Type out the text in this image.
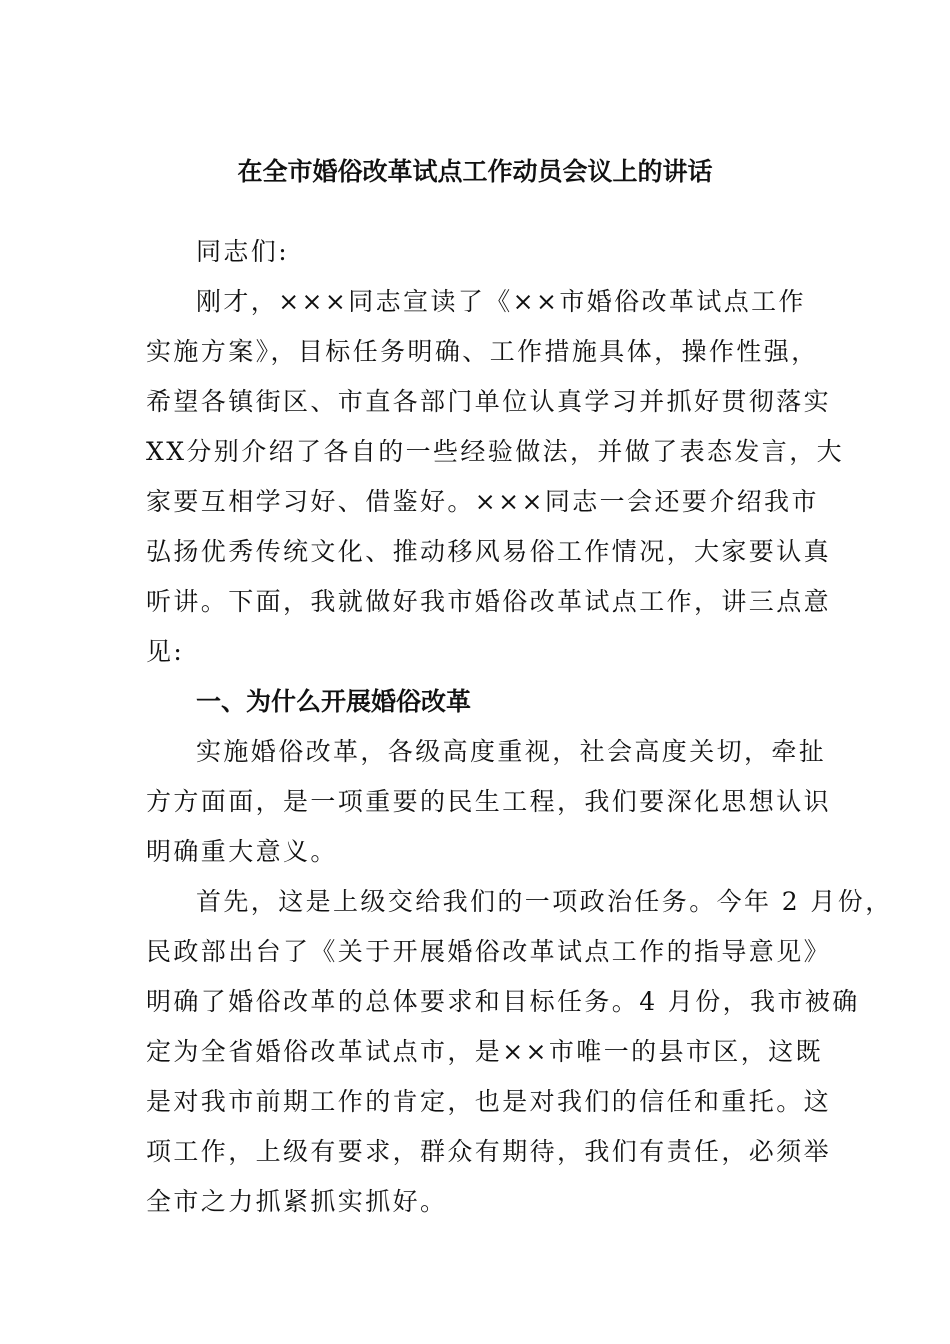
在全市婚俗改革试点工作动员会议上的讲话

同志们:

刚才，×××同志宣读了《××市婚俗改革试点工作

实施方案》，目标任务明确、工作措施具体，操作性强，

希望各镇街区、市直各部门单位认真学习并抓好贯彻落实

XX分别介绍了各自的一些经验做法，并做了表态发言，大

家要互相学习好、借鉴好。×××同志一会还要介绍我市

弘扬优秀传统文化、推动移风易俗工作情况，大家要认真

听讲。下面，我就做好我市婚俗改革试点工作，讲三点意

见:

一、为什么开展婚俗改革

实施婚俗改革，各级高度重视，社会高度关切，牵扯

方方面面，是一项重要的民生工程，我们要深化思想认识

明确重大意义。

首先，这是上级交给我们的一项政治任务。今年 2 月份，

民政部出台了《关于开展婚俗改革试点工作的指导意见》

明确了婚俗改革的总体要求和目标任务。4 月份，我市被确

定为全省婚俗改革试点市，是××市唯一的县市区，这既

是对我市前期工作的肯定，也是对我们的信任和重托。这

项工作，上级有要求，群众有期待，我们有责任，必须举

全市之力抓紧抓实抓好。
